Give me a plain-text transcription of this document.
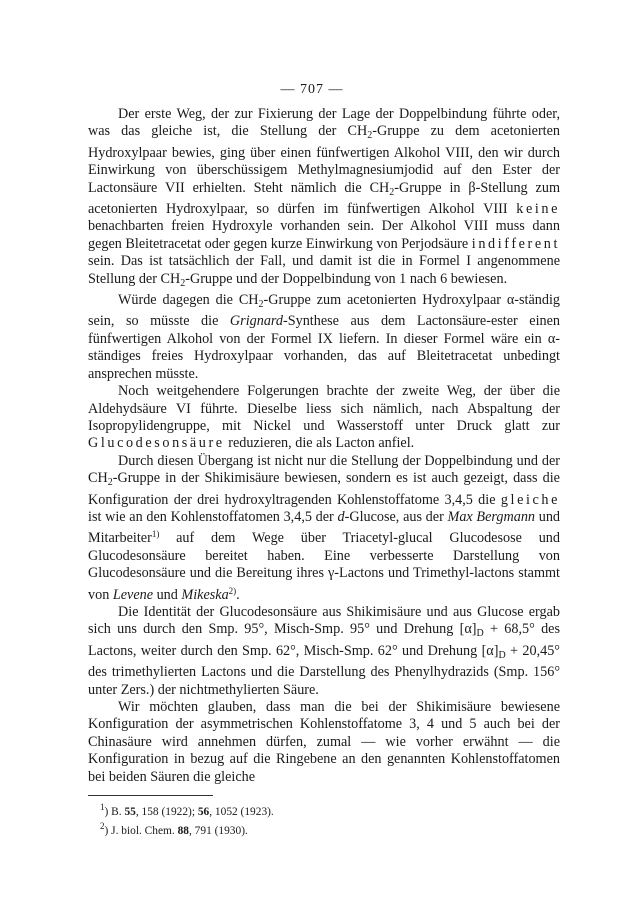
— 707 —

Der erste Weg, der zur Fixierung der Lage der Doppelbindung führte oder, was das gleiche ist, die Stellung der $CH_2$-Gruppe zu dem acetonierten Hydroxylpaar bewies, ging über einen fünfwertigen Alkohol VIII, den wir durch Einwirkung von überschüssigem Methylmagnesiumjodid auf den Ester der Lactonsäure VII erhielten. Steht nämlich die $CH_2$-Gruppe in β-Stellung zum acetonierten Hydroxylpaar, so dürfen im fünfwertigen Alkohol VIII keine benachbarten freien Hydroxyle vorhanden sein. Der Alkohol VIII muss dann gegen Bleitetracetat oder gegen kurze Einwirkung von Perjodsäure indifferent sein. Das ist tatsächlich der Fall, und damit ist die in Formel I angenommene Stellung der $CH_2$-Gruppe und der Doppelbindung von 1 nach 6 bewiesen.

Würde dagegen die $CH_2$-Gruppe zum acetonierten Hydroxylpaar α-ständig sein, so müsste die Grignard-Synthese aus dem Lactonsäure-ester einen fünfwertigen Alkohol von der Formel IX liefern. In dieser Formel wäre ein α-ständiges freies Hydroxylpaar vorhanden, das auf Bleitetracetat unbedingt ansprechen müsste.

Noch weitgehendere Folgerungen brachte der zweite Weg, der über die Aldehydsäure VI führte. Dieselbe liess sich nämlich, nach Abspaltung der Isopropylidengruppe, mit Nickel und Wasserstoff unter Druck glatt zur Glucodesonsäure reduzieren, die als Lacton anfiel.

Durch diesen Übergang ist nicht nur die Stellung der Doppelbindung und der $CH_2$-Gruppe in der Shikimisäure bewiesen, sondern es ist auch gezeigt, dass die Konfiguration der drei hydroxyltragenden Kohlenstoffatome 3,4,5 die gleiche ist wie an den Kohlenstoffatomen 3,4,5 der d-Glucose, aus der Max Bergmann und Mitarbeiter$^{1)}$ auf dem Wege über Triacetyl-glucal Glucodesose und Glucodesonsäure bereitet haben. Eine verbesserte Darstellung von Glucodesonsäure und die Bereitung ihres γ-Lactons und Trimethyl-lactons stammt von Levene und Mikeska$^{2)}$.

Die Identität der Glucodesonsäure aus Shikimisäure und aus Glucose ergab sich uns durch den Smp. 95°, Misch-Smp. 95° und Drehung $[\alpha]_D + 68,5^\circ$ des Lactons, weiter durch den Smp. 62°, Misch-Smp. 62° und Drehung $[\alpha]_D + 20,45^\circ$ des trimethylierten Lactons und die Darstellung des Phenylhydrazids (Smp. 156° unter Zers.) der nichtmethylierten Säure.

Wir möchten glauben, dass man die bei der Shikimisäure bewiesene Konfiguration der asymmetrischen Kohlenstoffatome 3, 4 und 5 auch bei der Chinasäure wird annehmen dürfen, zumal — wie vorher erwähnt — die Konfiguration in bezug auf die Ringebene an den genannten Kohlenstoffatomen bei beiden Säuren die gleiche

$^1$) B. 55, 158 (1922); 56, 1052 (1923).
$^2$) J. biol. Chem. 88, 791 (1930).
